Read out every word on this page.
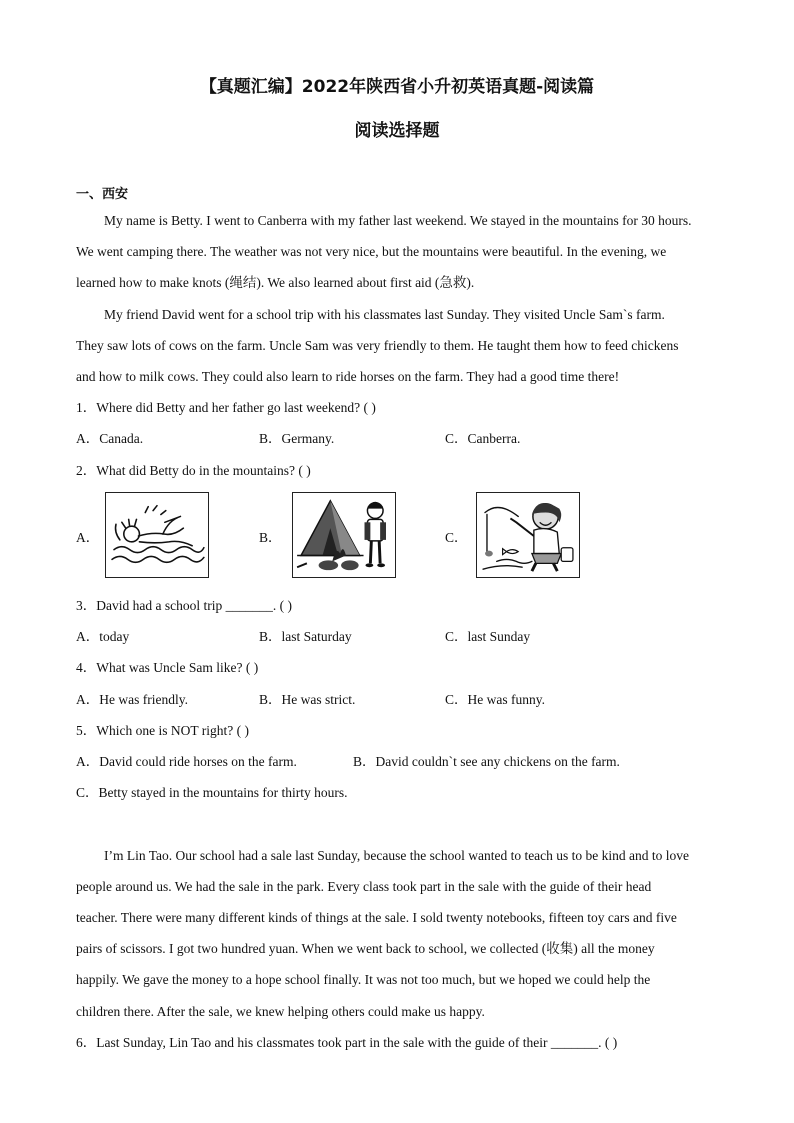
【真题汇编】2022年陕西省小升初英语真题-阅读篇
阅读选择题
一、西安
My name is Betty. I went to Canberra with my father last weekend. We stayed in the mountains for 30 hours.
We went camping there. The weather was not very nice, but the mountains were beautiful. In the evening, we
learned how to make knots (绳结). We also learned about first aid (急救).
My friend David went for a school trip with his classmates last Sunday. They visited Uncle Sam`s farm.
They saw lots of cows on the farm. Uncle Sam was very friendly to them. He taught them how to feed chickens
and how to milk cows. They could also learn to ride horses on the farm. They had a good time there!
1．Where did Betty and her father go last weekend? ( )
A．Canada.	B．Germany.	C．Canberra.
2．What did Betty do in the mountains? ( )
A．	B．	C．
3．David had a school trip _______. ( )
A．today	B．last Saturday	C．last Sunday
4．What was Uncle Sam like? ( )
A．He was friendly.	B．He was strict.	C．He was funny.
5．Which one is NOT right? ( )
A．David could ride horses on the farm.	B．David couldn`t see any chickens on the farm.
C．Betty stayed in the mountains for thirty hours.
I’m Lin Tao. Our school had a sale last Sunday, because the school wanted to teach us to be kind and to love
people around us. We had the sale in the park. Every class took part in the sale with the guide of their head
teacher. There were many different kinds of things at the sale. I sold twenty notebooks, fifteen toy cars and five
pairs of scissors. I got two hundred yuan. When we went back to school, we collected (收集) all the money
happily. We gave the money to a hope school finally. It was not too much, but we hoped we could help the
children there. After the sale, we knew helping others could make us happy.
6．Last Sunday, Lin Tao and his classmates took part in the sale with the guide of their _______. ( )
